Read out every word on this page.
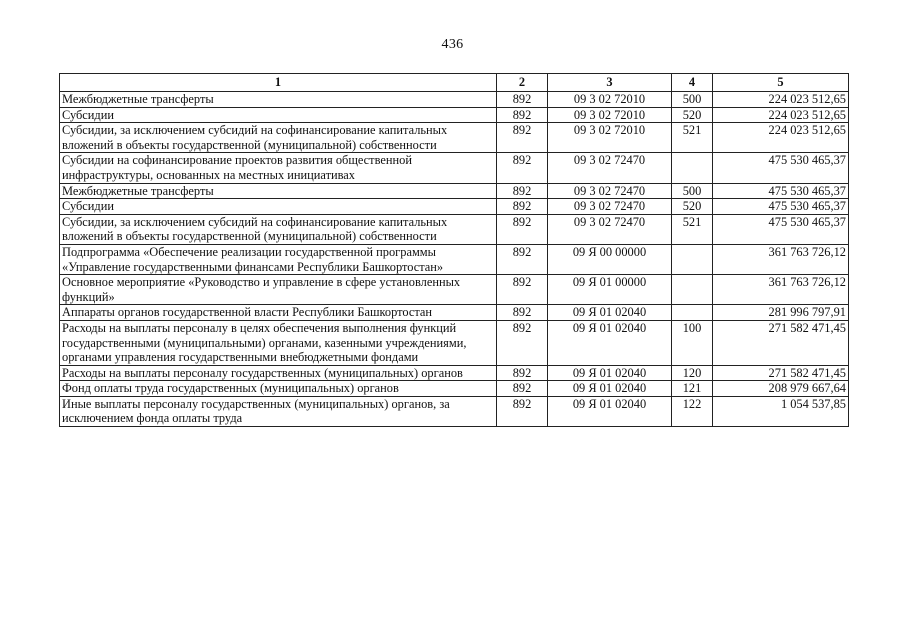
436
1	2	3	4	5
Межбюджетные трансферты	892	09 3 02 72010	500	224 023 512,65
Субсидии	892	09 3 02 72010	520	224 023 512,65
Субсидии, за исключением субсидий на софинансирование капитальных вложений в объекты государственной (муниципальной) собственности	892	09 3 02 72010	521	224 023 512,65
Субсидии на софинансирование проектов развития общественной инфраструктуры, основанных на местных инициативах	892	09 3 02 72470		475 530 465,37
Межбюджетные трансферты	892	09 3 02 72470	500	475 530 465,37
Субсидии	892	09 3 02 72470	520	475 530 465,37
Субсидии, за исключением субсидий на софинансирование капитальных вложений в объекты государственной (муниципальной) собственности	892	09 3 02 72470	521	475 530 465,37
Подпрограмма «Обеспечение реализации государственной программы «Управление государственными финансами Республики Башкортостан»	892	09 Я 00 00000		361 763 726,12
Основное мероприятие «Руководство и управление в сфере установленных функций»	892	09 Я 01 00000		361 763 726,12
Аппараты органов государственной власти Республики Башкортостан	892	09 Я 01 02040		281 996 797,91
Расходы на выплаты персоналу в целях обеспечения выполнения функций государственными (муниципальными) органами, казенными учреждениями, органами управления государственными внебюджетными фондами	892	09 Я 01 02040	100	271 582 471,45
Расходы на выплаты персоналу государственных (муниципальных) органов	892	09 Я 01 02040	120	271 582 471,45
Фонд оплаты труда государственных (муниципальных) органов	892	09 Я 01 02040	121	208 979 667,64
Иные выплаты персоналу государственных (муниципальных) органов, за исключением фонда оплаты труда	892	09 Я 01 02040	122	1 054 537,85
